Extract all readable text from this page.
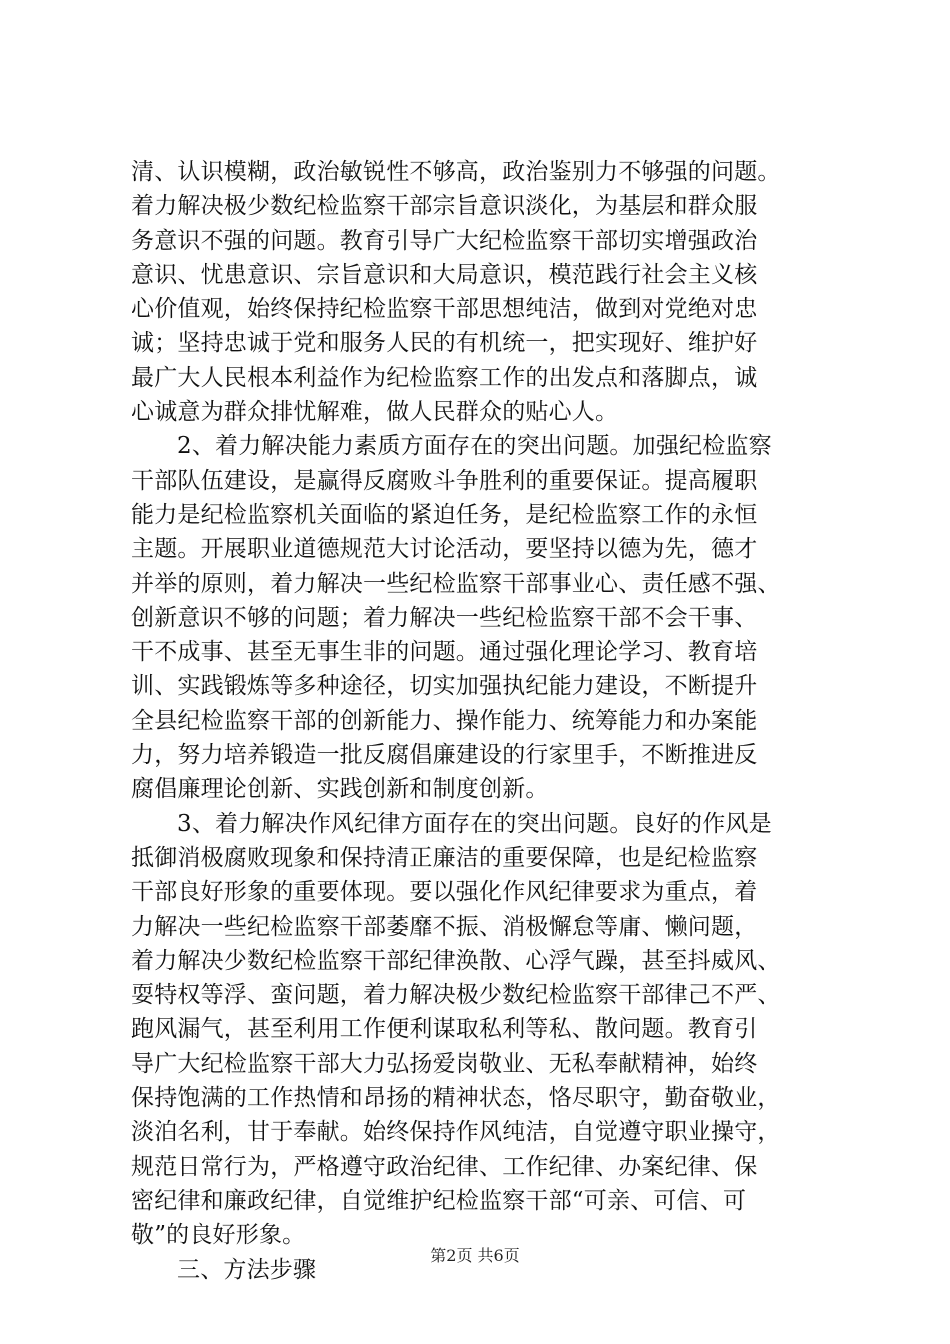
清、认识模糊，政治敏锐性不够高，政治鉴别力不够强的问题。
着力解决极少数纪检监察干部宗旨意识淡化，为基层和群众服
务意识不强的问题。教育引导广大纪检监察干部切实增强政治
意识、忧患意识、宗旨意识和大局意识，模范践行社会主义核
心价值观，始终保持纪检监察干部思想纯洁，做到对党绝对忠
诚；坚持忠诚于党和服务人民的有机统一，把实现好、维护好
最广大人民根本利益作为纪检监察工作的出发点和落脚点，诚
心诚意为群众排忧解难，做人民群众的贴心人。

2、着力解决能力素质方面存在的突出问题。加强纪检监察
干部队伍建设，是赢得反腐败斗争胜利的重要保证。提高履职
能力是纪检监察机关面临的紧迫任务，是纪检监察工作的永恒
主题。开展职业道德规范大讨论活动，要坚持以德为先，德才
并举的原则，着力解决一些纪检监察干部事业心、责任感不强、
创新意识不够的问题；着力解决一些纪检监察干部不会干事、
干不成事、甚至无事生非的问题。通过强化理论学习、教育培
训、实践锻炼等多种途径，切实加强执纪能力建设，不断提升
全县纪检监察干部的创新能力、操作能力、统筹能力和办案能
力，努力培养锻造一批反腐倡廉建设的行家里手，不断推进反
腐倡廉理论创新、实践创新和制度创新。

3、着力解决作风纪律方面存在的突出问题。良好的作风是
抵御消极腐败现象和保持清正廉洁的重要保障，也是纪检监察
干部良好形象的重要体现。要以强化作风纪律要求为重点，着
力解决一些纪检监察干部萎靡不振、消极懈怠等庸、懒问题，
着力解决少数纪检监察干部纪律涣散、心浮气躁，甚至抖威风、
耍特权等浮、蛮问题，着力解决极少数纪检监察干部律己不严、
跑风漏气，甚至利用工作便利谋取私利等私、散问题。教育引
导广大纪检监察干部大力弘扬爱岗敬业、无私奉献精神，始终
保持饱满的工作热情和昂扬的精神状态，恪尽职守，勤奋敬业，
淡泊名利，甘于奉献。始终保持作风纯洁，自觉遵守职业操守，
规范日常行为，严格遵守政治纪律、工作纪律、办案纪律、保
密纪律和廉政纪律，自觉维护纪检监察干部“可亲、可信、可
敬”的良好形象。

三、方法步骤

第2页 共6页
